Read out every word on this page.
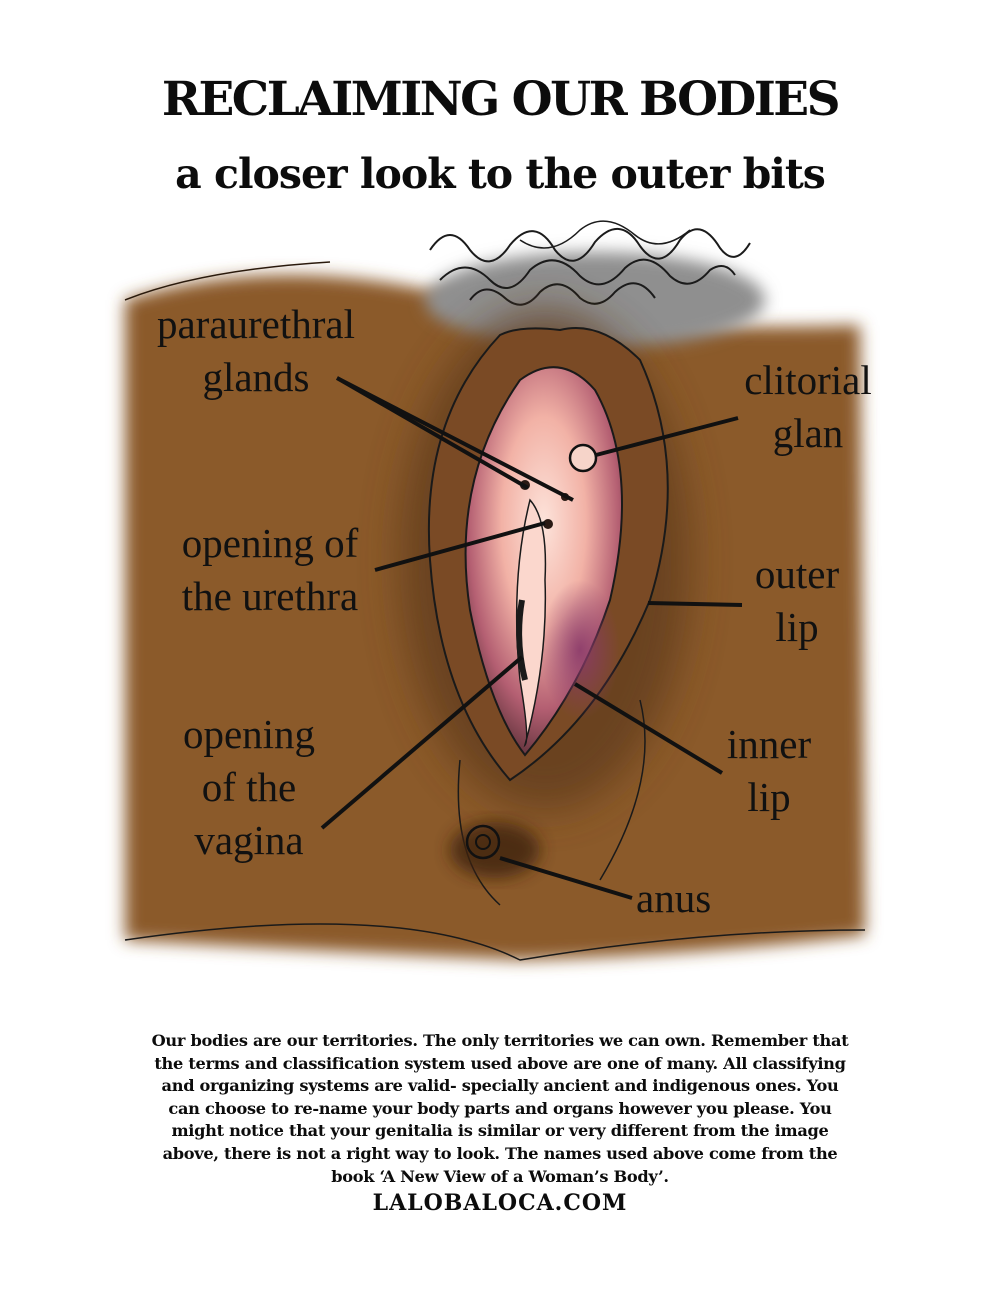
RECLAIMING OUR BODIES
a closer look to the outer bits
paraurethral
glands	clitorial
glan
opening of
the urethra	outer
lip
opening
of the
vagina
inner
lip
anus
Our bodies are our territories. The only territories we can own. Remember that the terms and classification system used above are one of many. All classifying and organizing systems are valid- specially ancient and indigenous ones. You can choose to re-name your body parts and organs however you please. You might notice that your genitalia is similar or very different from the image above, there is not a right way to look. The names used above come from the book ‘A New View of a Woman’s Body’.
LALOBALOCA.COM
